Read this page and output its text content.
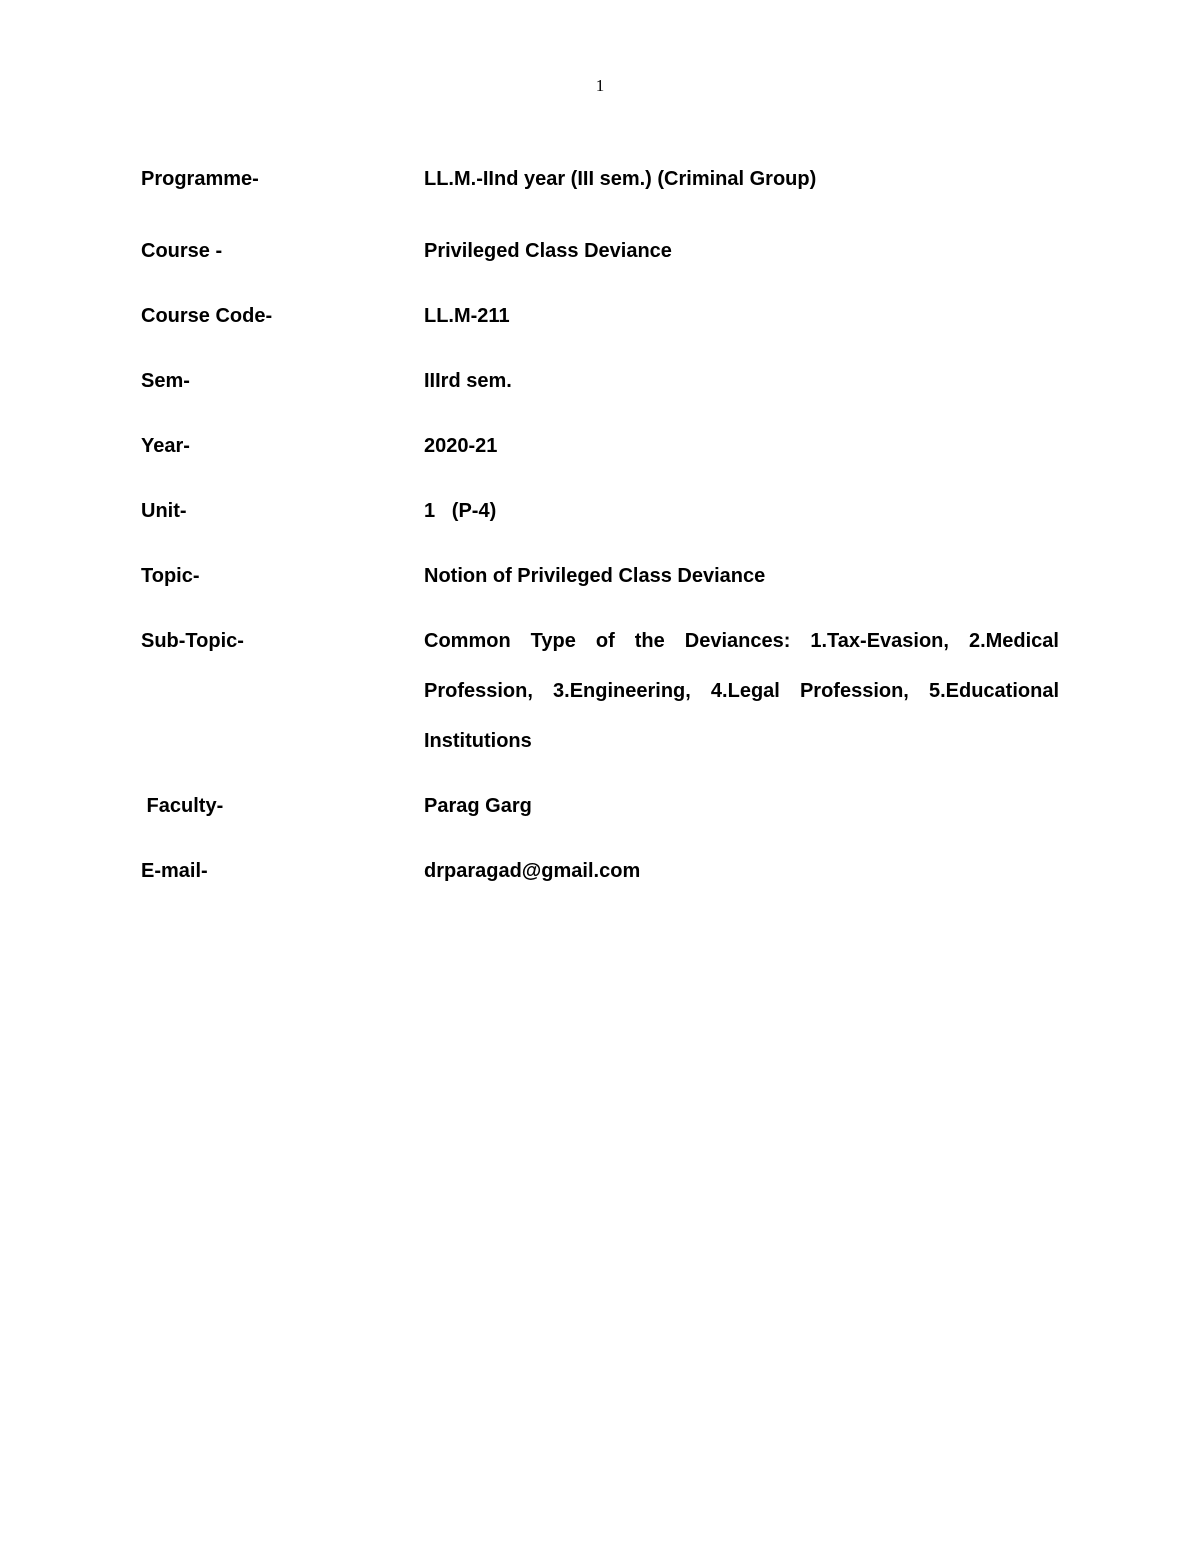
1
Programme-	LL.M.-IInd year (III sem.) (Criminal Group)
Course -	Privileged Class Deviance
Course Code-	LL.M-211
Sem-	IIIrd sem.
Year-	2020-21
Unit-	1   (P-4)
Topic-	Notion of Privileged Class Deviance
Sub-Topic-	Common Type of the Deviances: 1.Tax-Evasion, 2.Medical
Profession, 3.Engineering, 4.Legal Profession, 5.Educational
Institutions
Faculty-	Parag Garg
E-mail-	drparagad@gmail.com
